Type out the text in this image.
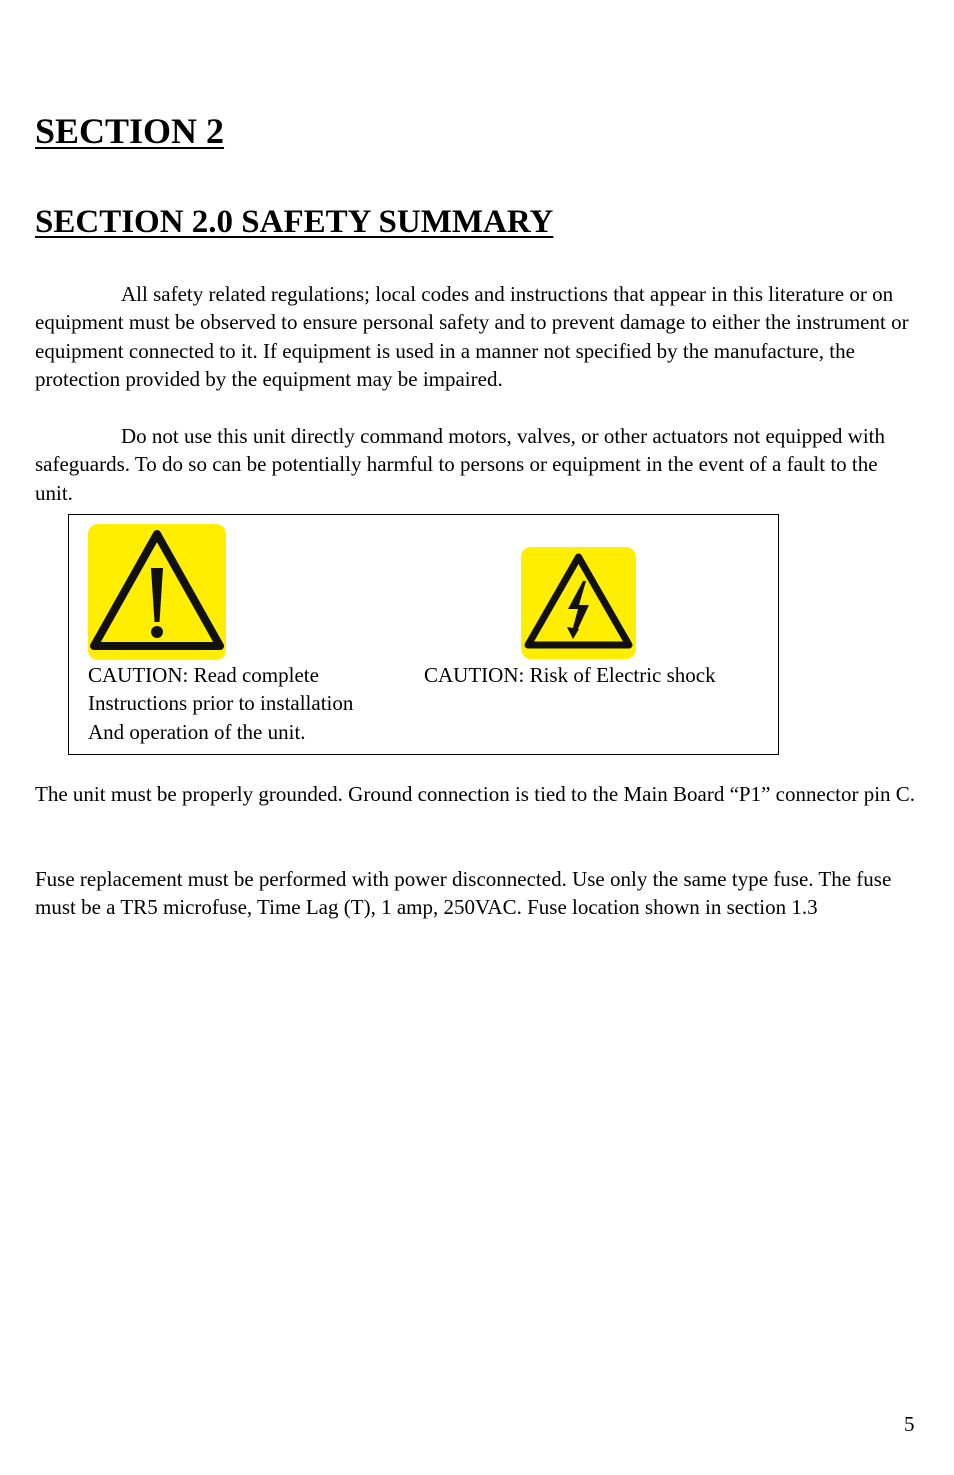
SECTION 2
SECTION 2.0 SAFETY SUMMARY

All safety related regulations; local codes and instructions that appear in this literature or on equipment must be observed to ensure personal safety and to prevent damage to either the instrument or equipment connected to it. If equipment is used in a manner not specified by the manufacture, the protection provided by the equipment may be impaired.

Do not use this unit directly command motors, valves, or other actuators not equipped with safeguards. To do so can be potentially harmful to persons or equipment in the event of a fault to the unit.

CAUTION: Read complete
Instructions prior to installation
And operation of the unit.
CAUTION: Risk of Electric shock

The unit must be properly grounded. Ground connection is tied to the Main Board “P1” connector pin C.

Fuse replacement must be performed with power disconnected. Use only the same type fuse. The fuse must be a TR5 microfuse, Time Lag (T), 1 amp, 250VAC. Fuse location shown in section 1.3

5
